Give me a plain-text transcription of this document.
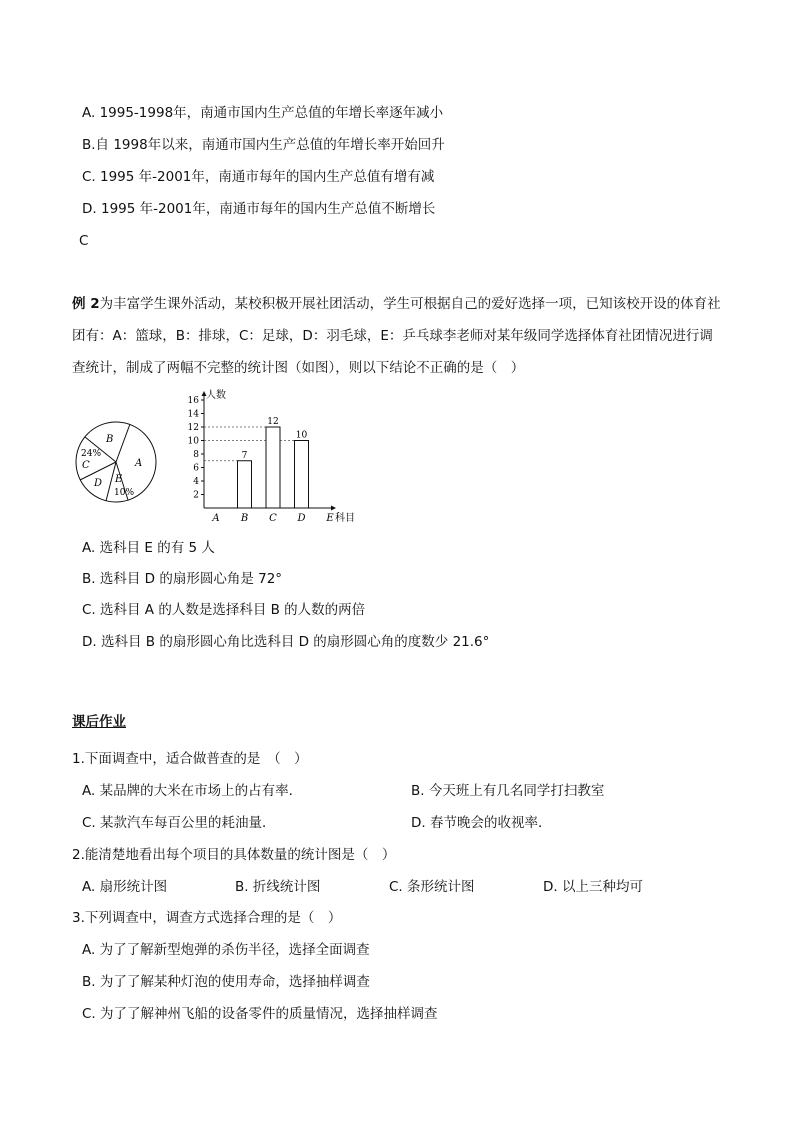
A. 1995-1998年，南通市国内生产总值的年增长率逐年减小
B.自 1998年以来，南通市国内生产总值的年增长率开始回升
C. 1995 年-2001年，南通市每年的国内生产总值有增有减
D. 1995 年-2001年，南通市每年的国内生产总值不断增长
C
例 2为丰富学生课外活动，某校积极开展社团活动，学生可根据自己的爱好选择一项，已知该校开设的体育社团有：A：篮球，B：排球，C：足球，D：羽毛球，E：乒乓球李老师对某年级同学选择体育社团情况进行调查统计，制成了两幅不完整的统计图（如图），则以下结论不正确的是（　）
A
B
24%
C
D E
10%
7
12
10
2
4
6
8
10
12
14
16
A B C D E
人数
科目
A. 选科目 E 的有 5 人
B. 选科目 D 的扇形圆心角是 72°
C. 选科目 A 的人数是选择科目 B 的人数的两倍
D. 选科目 B 的扇形圆心角比选科目 D 的扇形圆心角的度数少 21.6°
课后作业
1.下面调查中，适合做普查的是　（　）
A. 某品牌的大米在市场上的占有率．	B. 今天班上有几名同学打扫教室
C. 某款汽车每百公里的耗油量．	D. 春节晚会的收视率．
2.能清楚地看出每个项目的具体数量的统计图是（　）
A. 扇形统计图	B. 折线统计图	C. 条形统计图	D. 以上三种均可
3.下列调查中，调查方式选择合理的是（　）
A. 为了了解新型炮弹的杀伤半径，选择全面调查
B. 为了了解某种灯泡的使用寿命，选择抽样调查
C. 为了了解神州飞船的设备零件的质量情况，选择抽样调查
